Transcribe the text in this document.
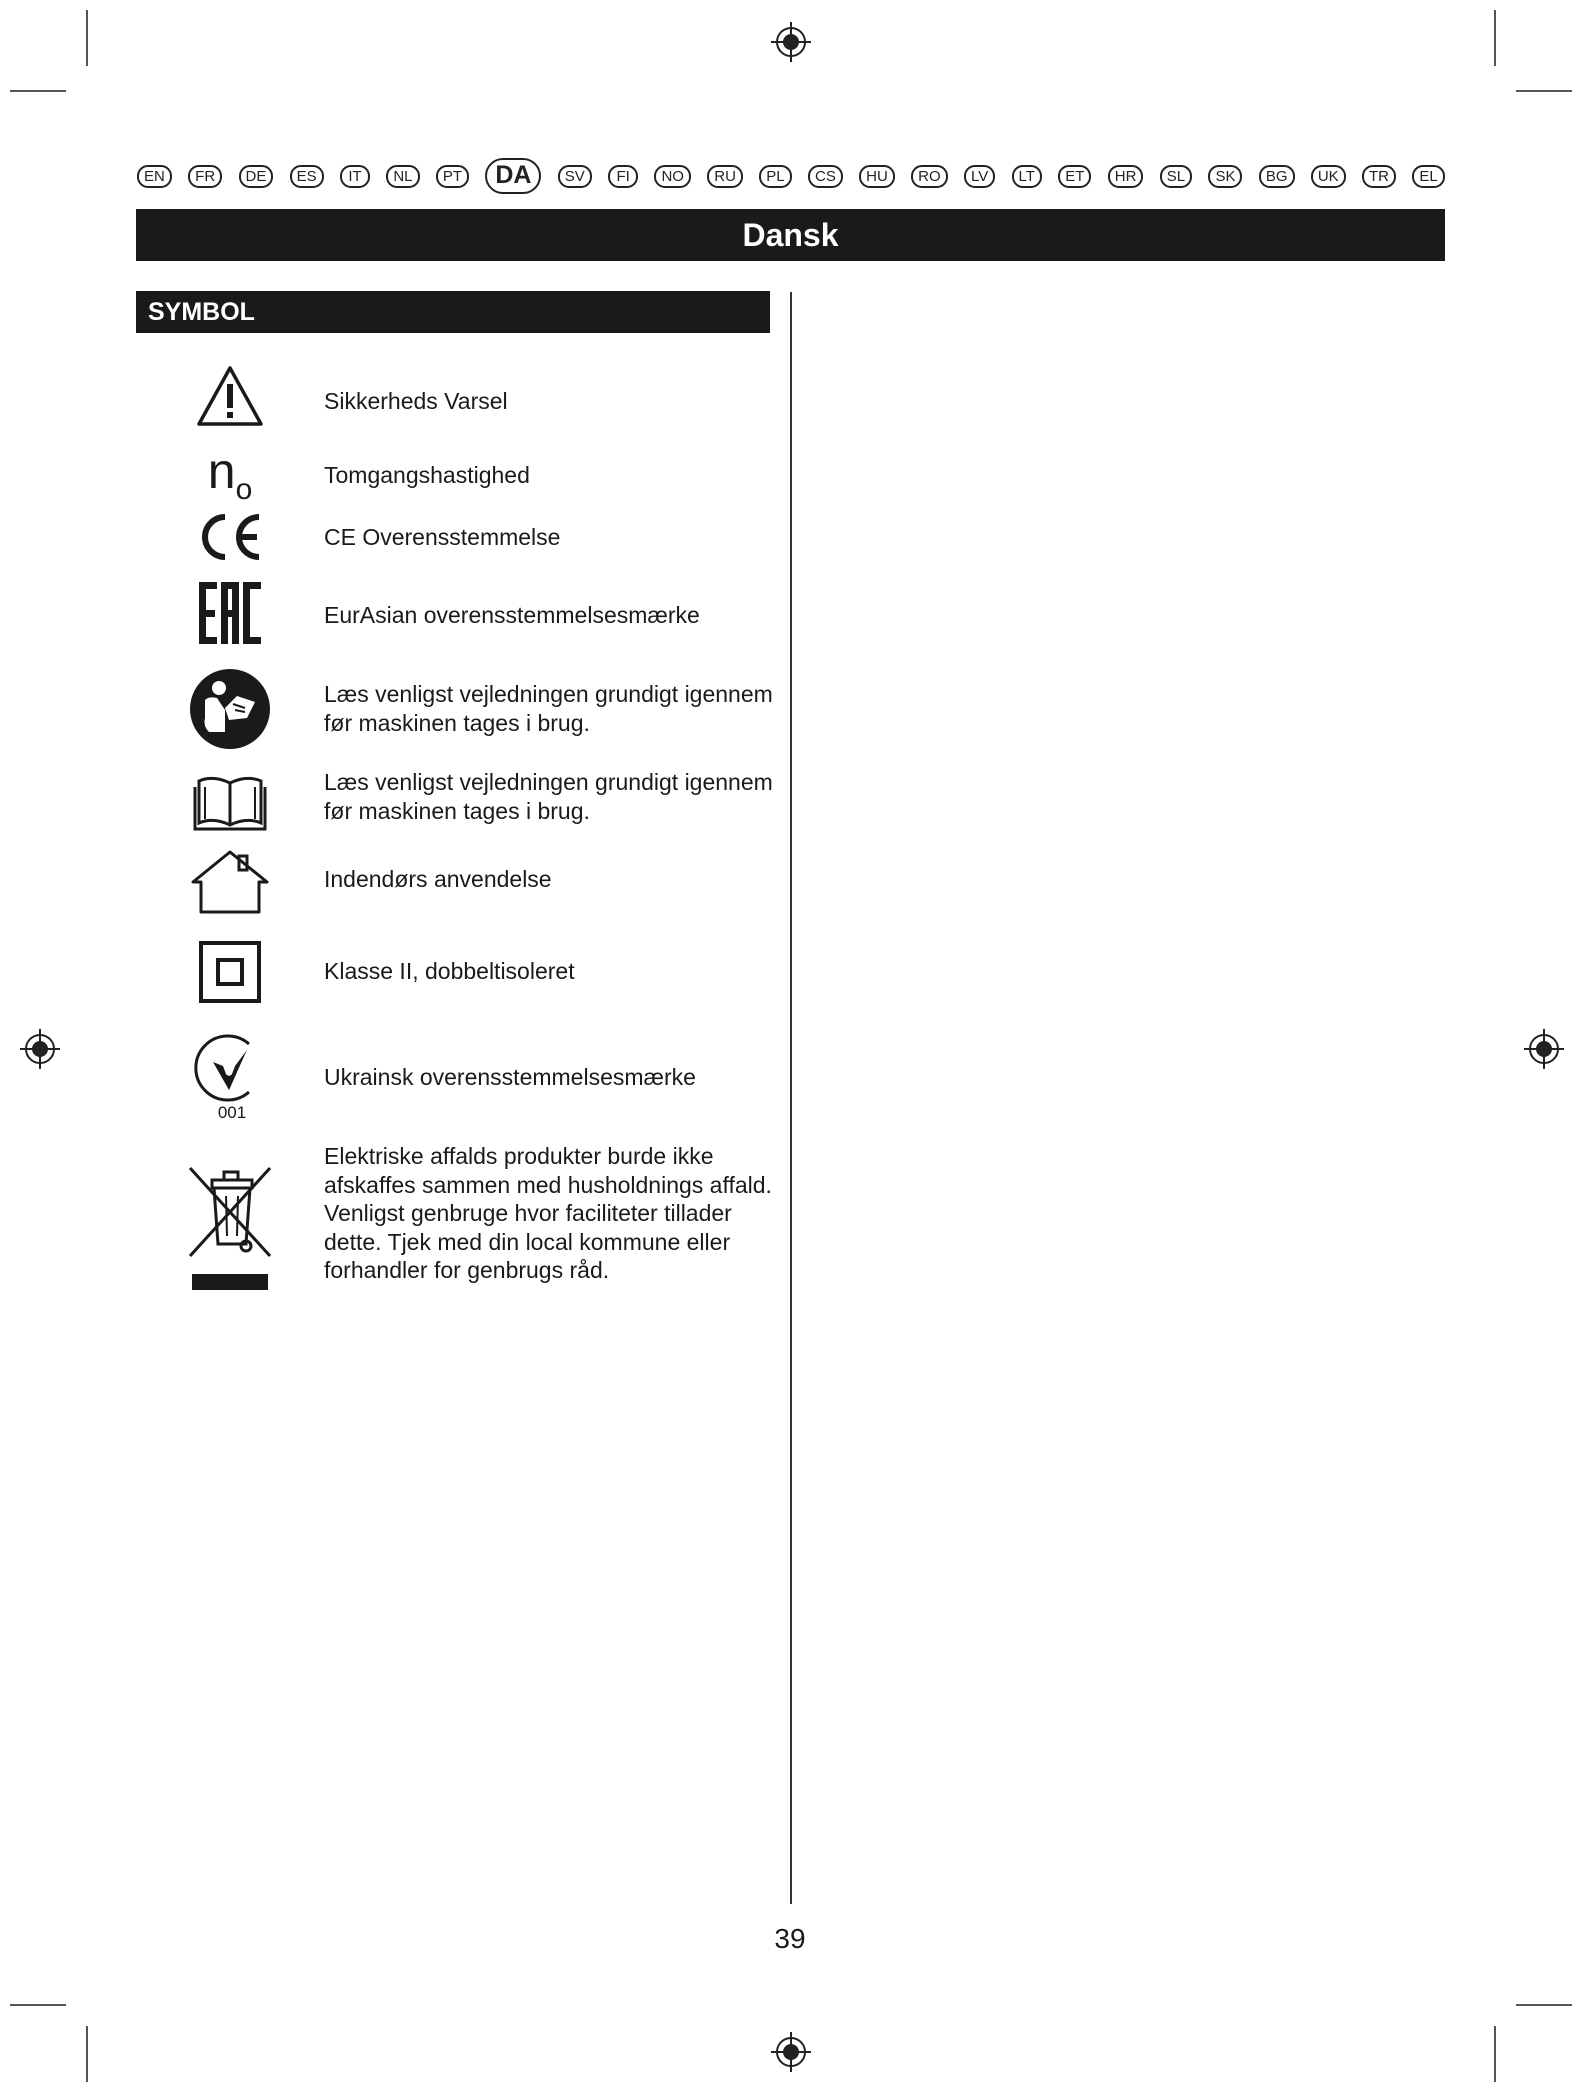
EN	FR	DE	ES	IT	NL	PT	DA	SV	FI	NO	RU	PL	CS	HU	RO	LV	LT	ET	HR	SL	SK	BG	UK	TR	EL
Dansk
SYMBOL
Sikkerheds Varsel
$n_o$	Tomgangshastighed
CE Overensstemmelse
EurAsian overensstemmelsesmærke
Læs venligst vejledningen grundigt igennem før maskinen tages i brug.
Læs venligst vejledningen grundigt igennem før maskinen tages i brug.
Indendørs anvendelse
Klasse II, dobbeltisoleret
001
Ukrainsk overensstemmelsesmærke
Elektriske affalds produkter burde ikke afskaffes sammen med husholdnings affald. Venligst genbruge hvor faciliteter tillader dette. Tjek med din local kommune eller forhandler for genbrugs råd.
39
